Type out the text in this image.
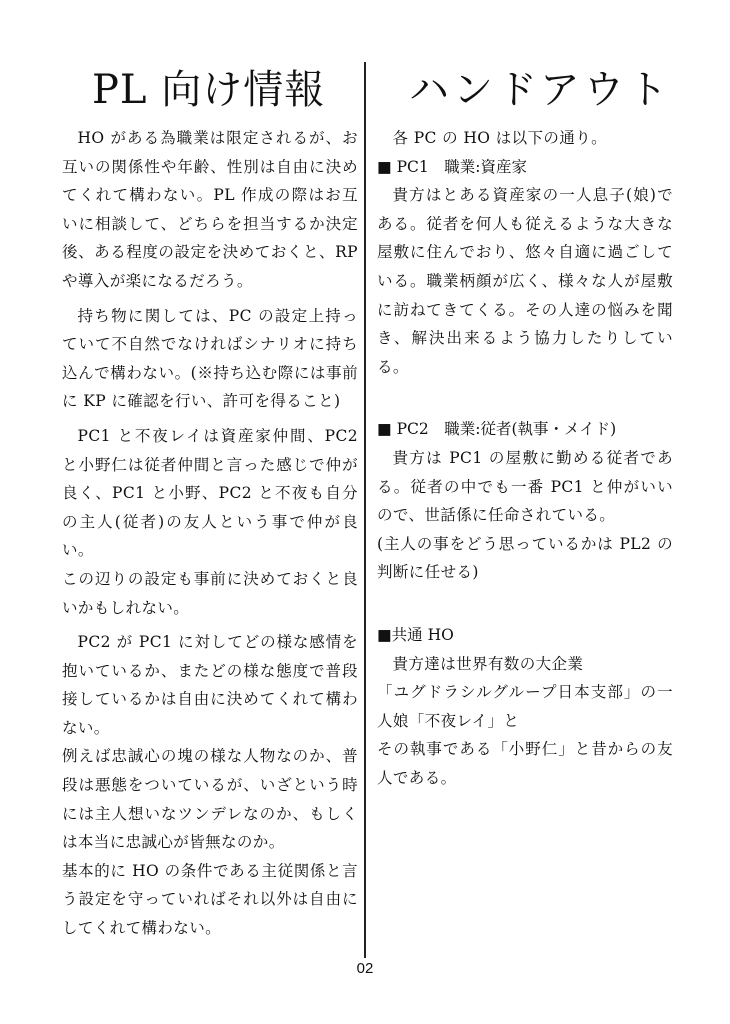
PL 向け情報

HO がある為職業は限定されるが、お互いの関係性や年齢、性別は自由に決めてくれて構わない。PL 作成の際はお互いに相談して、どちらを担当するか決定後、ある程度の設定を決めておくと、RP や導入が楽になるだろう。

持ち物に関しては、PC の設定上持っていて不自然でなければシナリオに持ち込んで構わない。(※持ち込む際には事前に KP に確認を行い、許可を得ること)

PC1 と不夜レイは資産家仲間、PC2 と小野仁は従者仲間と言った感じで仲が良く、PC1 と小野、PC2 と不夜も自分の主人(従者)の友人という事で仲が良い。

この辺りの設定も事前に決めておくと良いかもしれない。

PC2 が PC1 に対してどの様な感情を抱いているか、またどの様な態度で普段接しているかは自由に決めてくれて構わない。

例えば忠誠心の塊の様な人物なのか、普段は悪態をついているが、いざという時には主人想いなツンデレなのか、もしくは本当に忠誠心が皆無なのか。

基本的に HO の条件である主従関係と言う設定を守っていればそれ以外は自由にしてくれて構わない。

ハンドアウト

各 PC の HO は以下の通り。

■ PC1　職業:資産家

貴方はとある資産家の一人息子(娘)である。従者を何人も従えるような大きな屋敷に住んでおり、悠々自適に過ごしている。職業柄顔が広く、様々な人が屋敷に訪ねてきてくる。その人達の悩みを聞き、解決出来るよう協力したりしている。

■ PC2　職業:従者(執事・メイド)

貴方は PC1 の屋敷に勤める従者である。従者の中でも一番 PC1 と仲がいいので、世話係に任命されている。

(主人の事をどう思っているかは PL2 の判断に任せる)

■共通 HO

貴方達は世界有数の大企業

「ユグドラシルグループ日本支部」の一人娘「不夜レイ」と

その執事である「小野仁」と昔からの友人である。

02
